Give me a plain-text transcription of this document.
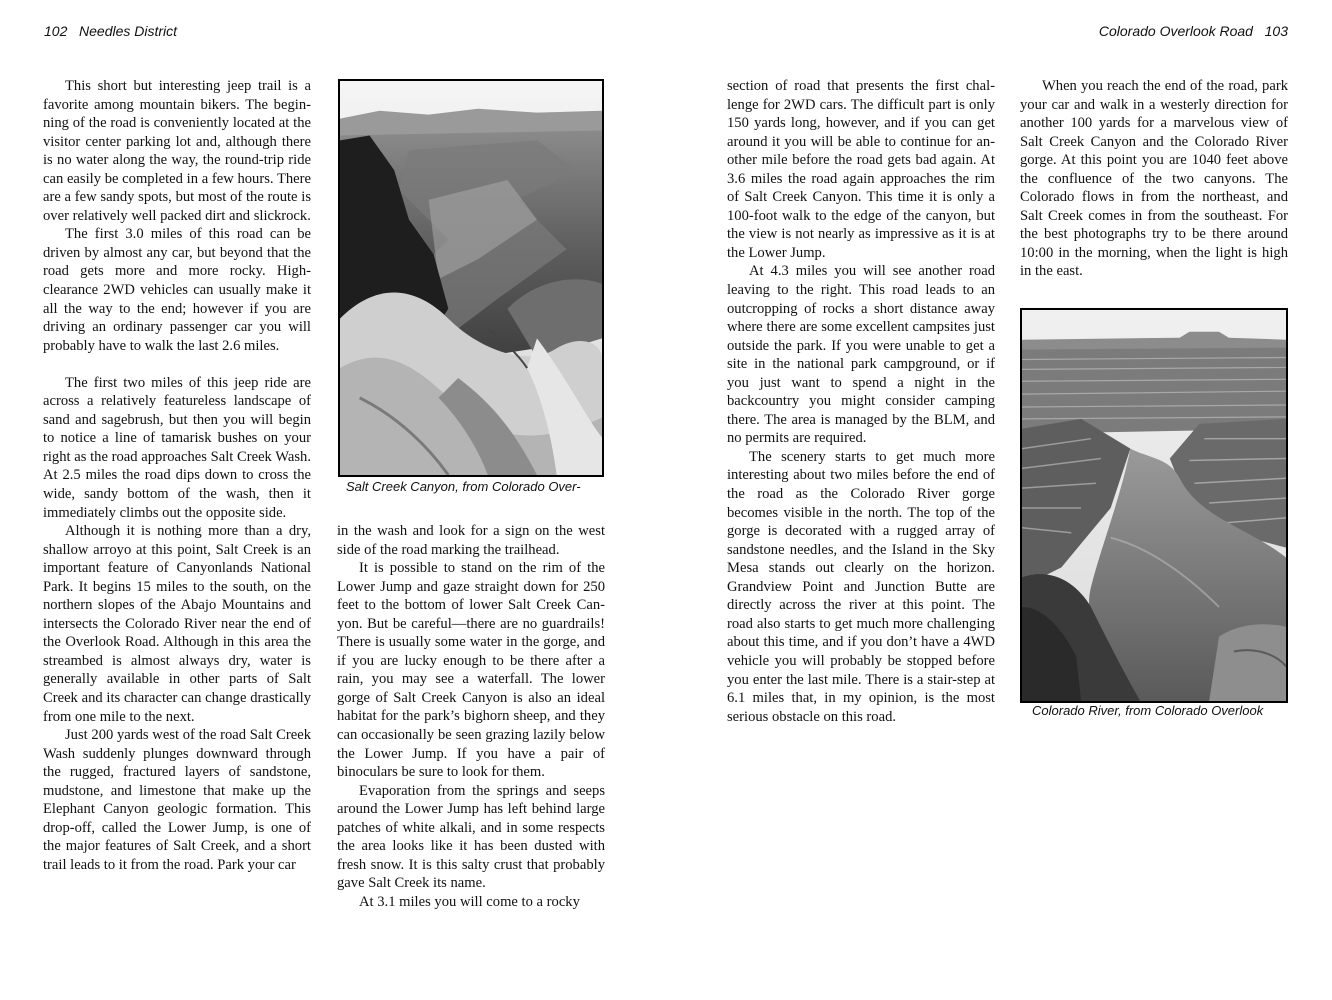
102 Needles District	Colorado Overlook Road 103

This short but interesting jeep trail is a favorite among mountain bikers. The beginning of the road is conveniently located at the visitor center parking lot and, although there is no water along the way, the round-trip ride can easily be completed in a few hours. There are a few sandy spots, but most of the route is over relatively well packed dirt and slickrock.

The first 3.0 miles of this road can be driven by almost any car, but beyond that the road gets more and more rocky. Highclearance 2WD vehicles can usually make it all the way to the end; however if you are driving an ordinary passenger car you will probably have to walk the last 2.6 miles.

The first two miles of this jeep ride are across a relatively featureless landscape of sand and sagebrush, but then you will begin to notice a line of tamarisk bushes on your right as the road approaches Salt Creek Wash. At 2.5 miles the road dips down to cross the wide, sandy bottom of the wash, then it immediately climbs out the opposite side.

Although it is nothing more than a dry, shallow arroyo at this point, Salt Creek is an important feature of Canyonlands National Park. It begins 15 miles to the south, on the northern slopes of the Abajo Mountains and intersects the Colorado River near the end of the Overlook Road. Although in this area the streambed is almost always dry, water is generally available in other parts of Salt Creek and its character can change drastically from one mile to the next.

Just 200 yards west of the road Salt Creek Wash suddenly plunges downward through the rugged, fractured layers of sandstone, mudstone, and limestone that make up the Elephant Canyon geologic formation. This drop-off, called the Lower Jump, is one of the major features of Salt Creek, and a short trail leads to it from the road. Park your car

Salt Creek Canyon, from Colorado Over-

in the wash and look for a sign on the west side of the road marking the trailhead.

It is possible to stand on the rim of the Lower Jump and gaze straight down for 250 feet to the bottom of lower Salt Creek Canyon. But be careful—there are no guardrails! There is usually some water in the gorge, and if you are lucky enough to be there after a rain, you may see a waterfall. The lower gorge of Salt Creek Canyon is also an ideal habitat for the park’s bighorn sheep, and they can occasionally be seen grazing lazily below the Lower Jump. If you have a pair of binoculars be sure to look for them.

Evaporation from the springs and seeps around the Lower Jump has left behind large patches of white alkali, and in some respects the area looks like it has been dusted with fresh snow. It is this salty crust that probably gave Salt Creek its name.

At 3.1 miles you will come to a rocky

section of road that presents the first challenge for 2WD cars. The difficult part is only 150 yards long, however, and if you can get around it you will be able to continue for another mile before the road gets bad again. At 3.6 miles the road again approaches the rim of Salt Creek Canyon. This time it is only a 100-foot walk to the edge of the canyon, but the view is not nearly as impressive as it is at the Lower Jump.

At 4.3 miles you will see another road leaving to the right. This road leads to an outcropping of rocks a short distance away where there are some excellent campsites just outside the park. If you were unable to get a site in the national park campground, or if you just want to spend a night in the backcountry you might consider camping there. The area is managed by the BLM, and no permits are required.

The scenery starts to get much more interesting about two miles before the end of the road as the Colorado River gorge becomes visible in the north. The top of the gorge is decorated with a rugged array of sandstone needles, and the Island in the Sky Mesa stands out clearly on the horizon. Grandview Point and Junction Butte are directly across the river at this point. The road also starts to get much more challenging about this time, and if you don’t have a 4WD vehicle you will probably be stopped before you enter the last mile. There is a stair-step at 6.1 miles that, in my opinion, is the most serious obstacle on this road.

When you reach the end of the road, park your car and walk in a westerly direction for another 100 yards for a marvelous view of Salt Creek Canyon and the Colorado River gorge. At this point you are 1040 feet above the confluence of the two canyons. The Colorado flows in from the northeast, and Salt Creek comes in from the southeast. For the best photographs try to be there around 10:00 in the morning, when the light is high in the east.

Colorado River, from Colorado Overlook
